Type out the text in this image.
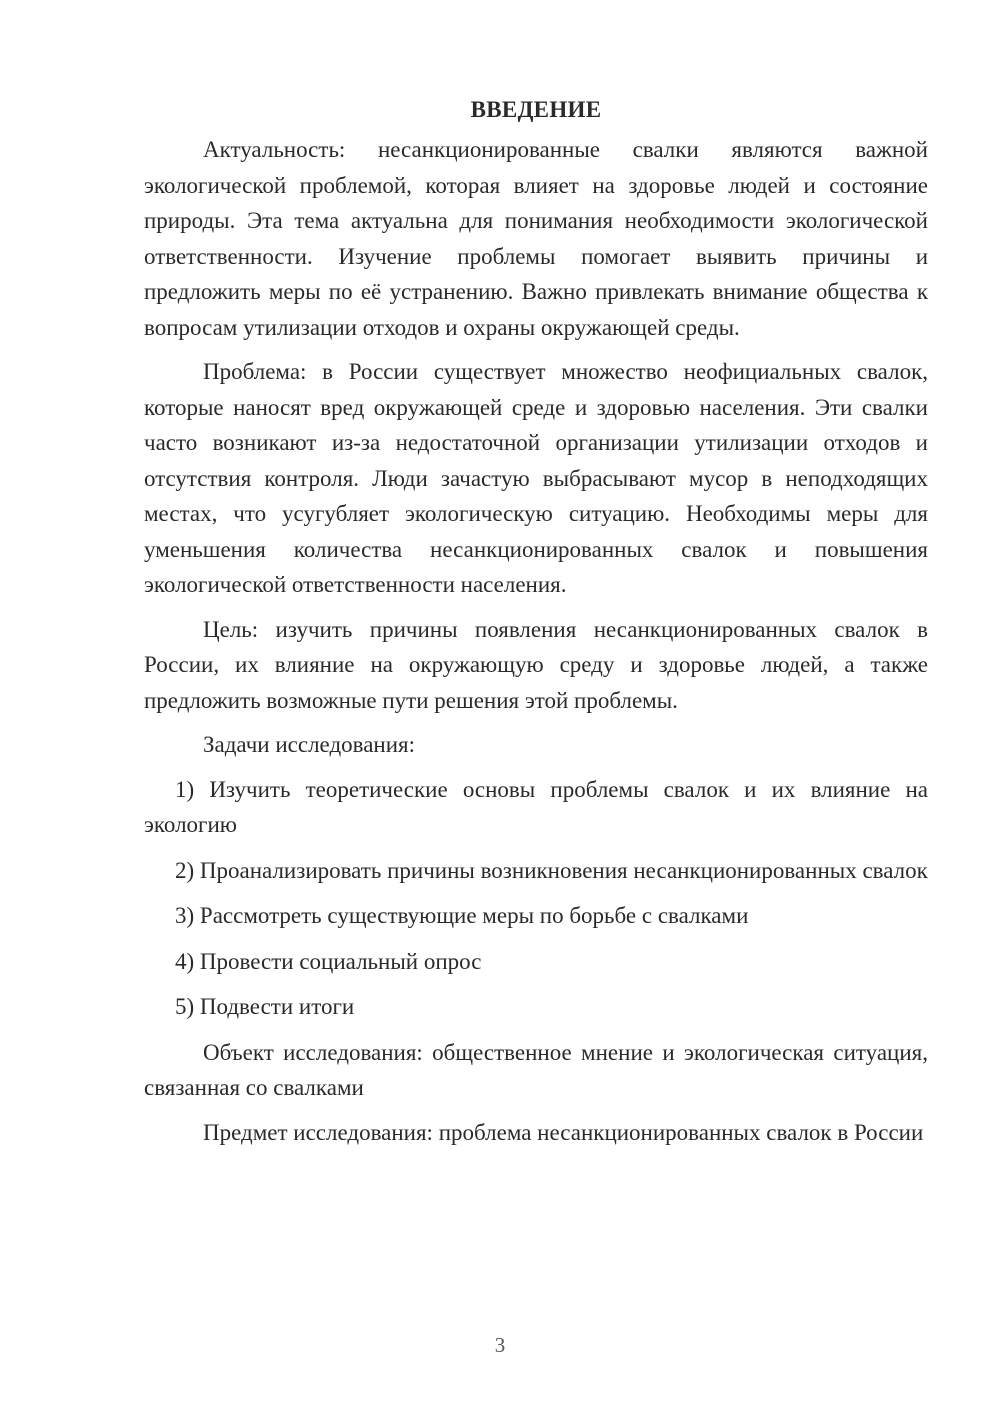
ВВЕДЕНИЕ

Актуальность: несанкционированные свалки являются важной экологической проблемой, которая влияет на здоровье людей и состояние природы. Эта тема актуальна для понимания необходимости экологической ответственности. Изучение проблемы помогает выявить причины и предложить меры по её устранению. Важно привлекать внимание общества к вопросам утилизации отходов и охраны окружающей среды.

Проблема: в России существует множество неофициальных свалок, которые наносят вред окружающей среде и здоровью населения. Эти свалки часто возникают из-за недостаточной организации утилизации отходов и отсутствия контроля. Люди зачастую выбрасывают мусор в неподходящих местах, что усугубляет экологическую ситуацию. Необходимы меры для уменьшения количества несанкционированных свалок и повышения экологической ответственности населения.

Цель: изучить причины появления несанкционированных свалок в России, их влияние на окружающую среду и здоровье людей, а также предложить возможные пути решения этой проблемы.

Задачи исследования:

1) Изучить теоретические основы проблемы свалок и их влияние на экологию

2) Проанализировать причины возникновения несанкционированных свалок

3) Рассмотреть существующие меры по борьбе с свалками

4) Провести социальный опрос

5) Подвести итоги

Объект исследования: общественное мнение и экологическая ситуация, связанная со свалками

Предмет исследования: проблема несанкционированных свалок в России

3
